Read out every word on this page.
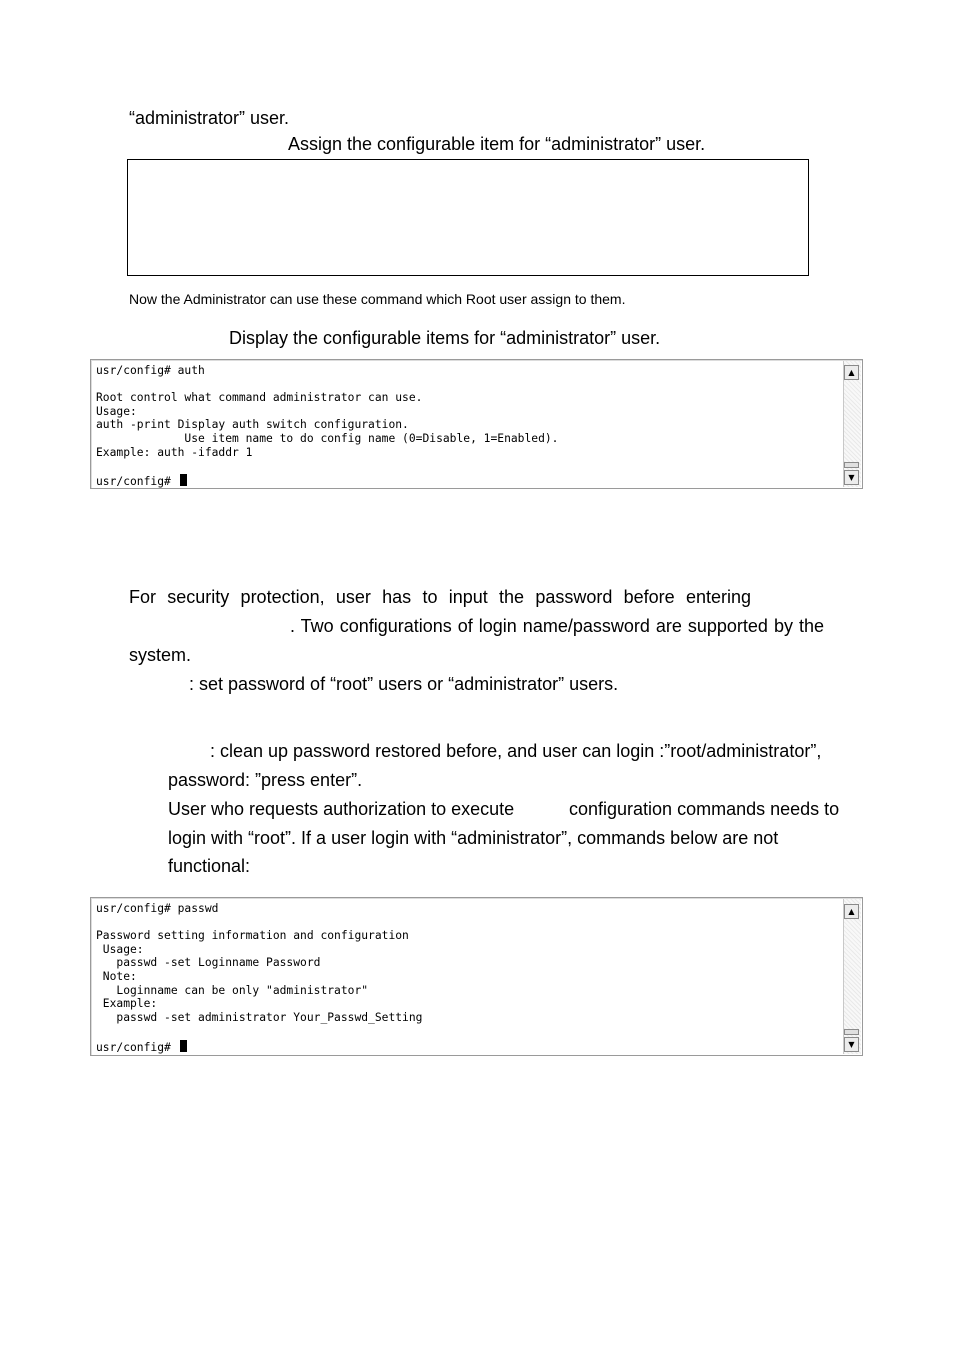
“administrator” user.
Assign the configurable item for “administrator” user.
Now the Administrator can use these command which Root user assign to them.
Display the configurable items for “administrator” user.
usr/config# auth

Root control what command administrator can use.
Usage:
auth -print Display auth switch configuration.
Use item name to do config name (0=Disable, 1=Enabled).
Example: auth -ifaddr 1
usr/config#
▲
▼
For security protection, user has to input the password before entering
. Two configurations of login name/password are supported by the
system.
: set password of “root” users or “administrator” users.
: clean up password restored before, and user can login :”root/administrator”,
password: ”press enter”.
User who requests authorization to execute	configuration commands needs to
login with “root”. If a user login with “administrator”, commands below are not
functional:
usr/config# passwd

Password setting information and configuration
Usage:
passwd -set Loginname Password
Note:
Loginname can be only "administrator"
Example:
passwd -set administrator Your_Passwd_Setting
usr/config#
▲
▼
